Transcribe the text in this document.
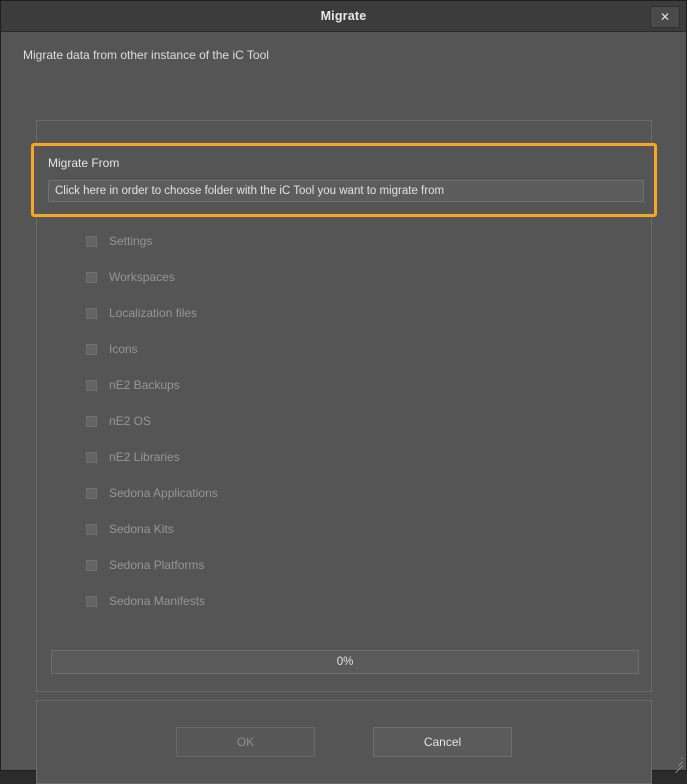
Migrate	✕
Migrate data from other instance of the iC Tool
Settings
Workspaces
Localization files
Icons
nE2 Backups
nE2 OS
nE2 Libraries
Sedona Applications
Sedona Kits
Sedona Platforms
Sedona Manifests
0%
Migrate From
Click here in order to choose folder with the iC Tool you want to migrate from
OK	Cancel
